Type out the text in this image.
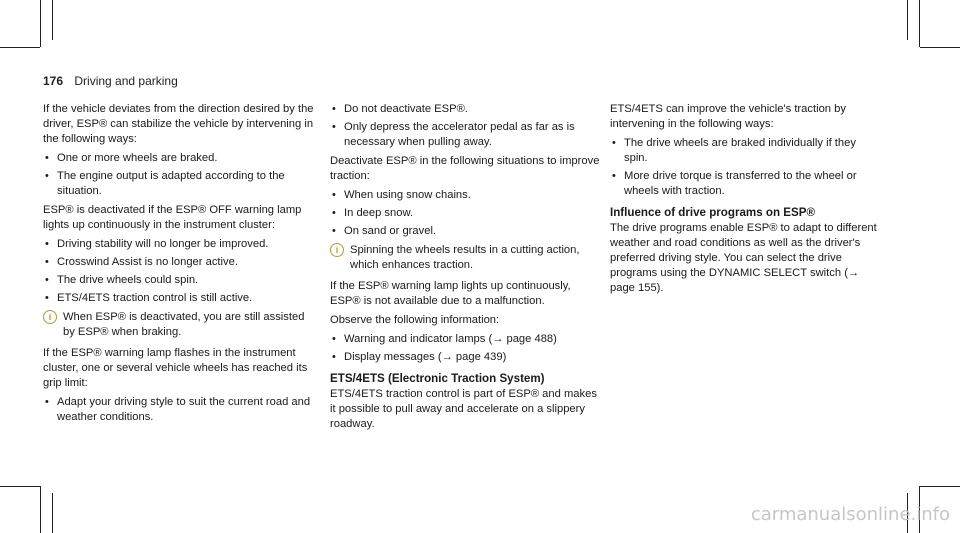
176 Driving and parking

If the vehicle deviates from the direction desired by the driver, ESP® can stabilize the vehicle by intervening in the following ways:

• One or more wheels are braked.
• The engine output is adapted according to the situation.

ESP® is deactivated if the ESP® OFF warning lamp lights up continuously in the instrument cluster:

• Driving stability will no longer be improved.
• Crosswind Assist is no longer active.
• The drive wheels could spin.
• ETS/4ETS traction control is still active.
i	When ESP® is deactivated, you are still assisted by ESP® when braking.

If the ESP® warning lamp flashes in the instrument cluster, one or several vehicle wheels has reached its grip limit:

• Adapt your driving style to suit the current road and weather conditions.
• Do not deactivate ESP®.
• Only depress the accelerator pedal as far as is necessary when pulling away.

Deactivate ESP® in the following situations to improve traction:

• When using snow chains.
• In deep snow.
• On sand or gravel.
i	Spinning the wheels results in a cutting action, which enhances traction.

If the ESP® warning lamp lights up continuously, ESP® is not available due to a malfunction.

Observe the following information:

• Warning and indicator lamps (→ page 488)
• Display messages (→ page 439)
ETS/4ETS (Electronic Traction System)

ETS/4ETS traction control is part of ESP® and makes it possible to pull away and accelerate on a slippery roadway.

ETS/4ETS can improve the vehicle's traction by intervening in the following ways:

• The drive wheels are braked individually if they spin.
• More drive torque is transferred to the wheel or wheels with traction.
Influence of drive programs on ESP®

The drive programs enable ESP® to adapt to different weather and road conditions as well as the driver's preferred driving style. You can select the drive programs using the DYNAMIC SELECT switch (→ page 155).

carmanualsonline.info
